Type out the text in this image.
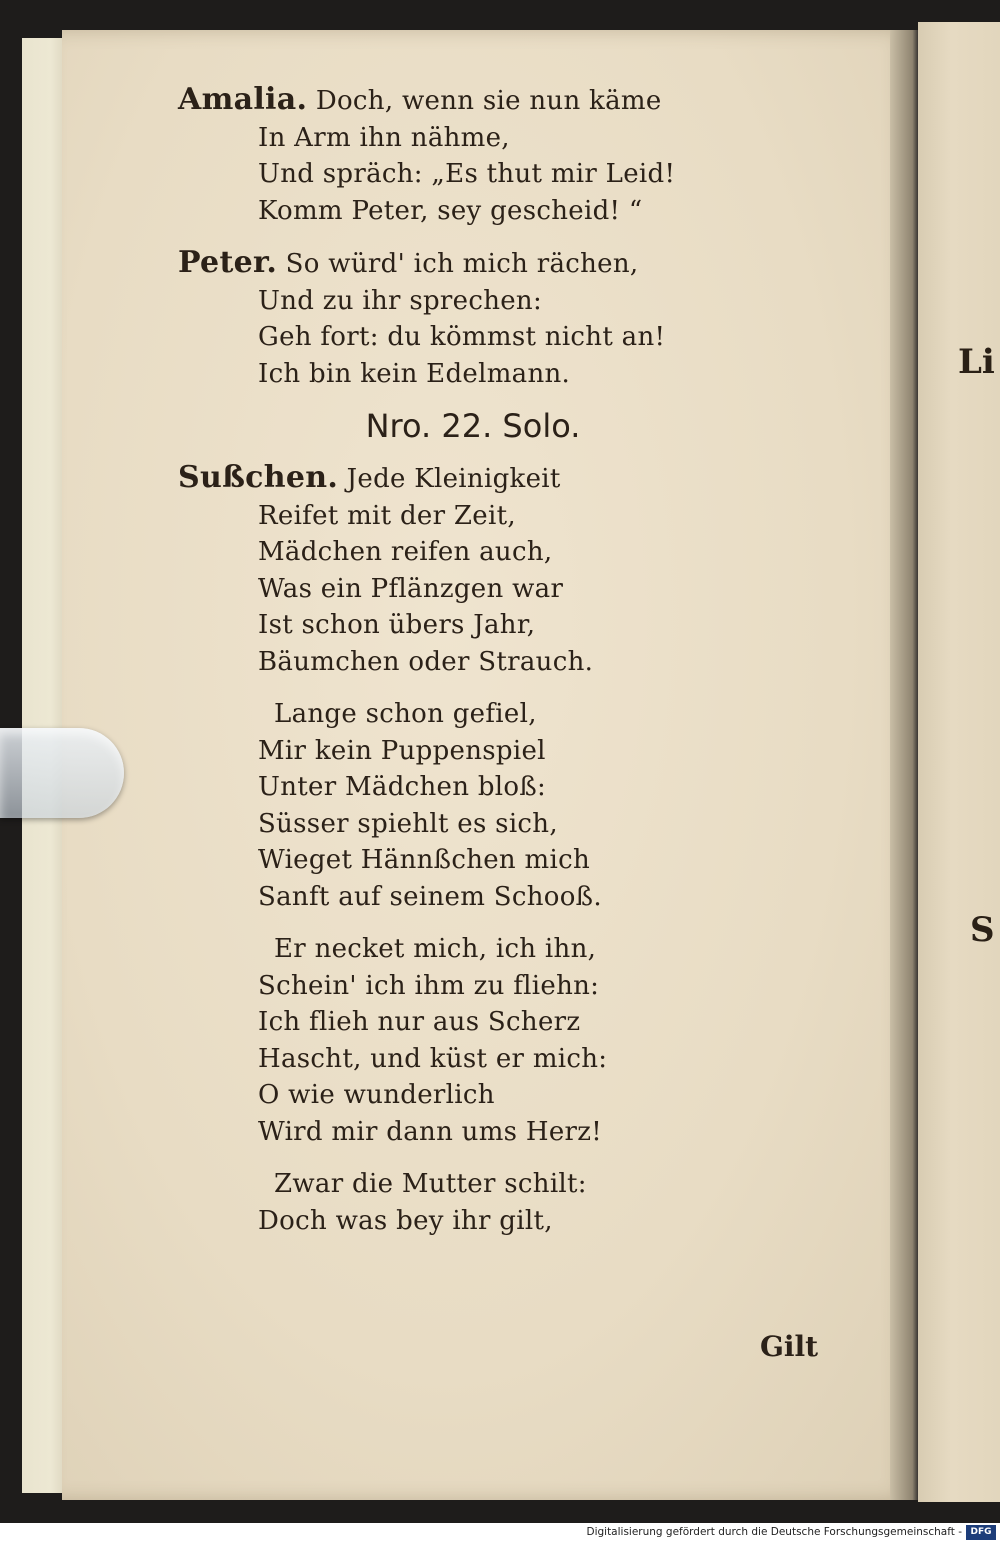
Li
S
Amalia. Doch, wenn sie nun käme
In Arm ihn nähme,
Und spräch: „Es thut mir Leid!
Komm Peter, sey gescheid! “
Peter. So würd' ich mich rächen,
Und zu ihr sprechen:
Geh fort: du kömmst nicht an!
Ich bin kein Edelmann.
Nro. 22. Solo.
Sußchen. Jede Kleinigkeit
Reifet mit der Zeit,
Mädchen reifen auch,
Was ein Pflänzgen war
Ist schon übers Jahr,
Bäumchen oder Strauch.
Lange schon gefiel,
Mir kein Puppenspiel
Unter Mädchen bloß:
Süsser spiehlt es sich,
Wieget Hännßchen mich
Sanft auf seinem Schooß.
Er necket mich, ich ihn,
Schein' ich ihm zu fliehn:
Ich flieh nur aus Scherz
Hascht, und küst er mich:
O wie wunderlich
Wird mir dann ums Herz!
Zwar die Mutter schilt:
Doch was bey ihr gilt,
Gilt
Digitalisierung gefördert durch die Deutsche Forschungsgemeinschaft - DFG
